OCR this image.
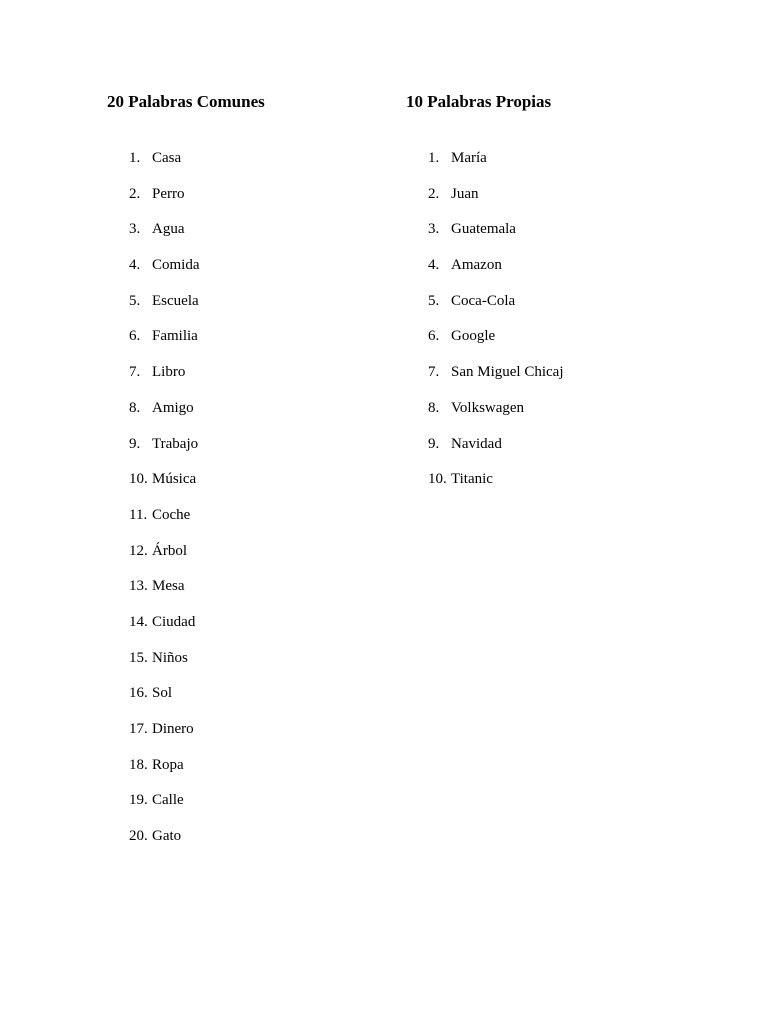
20 Palabras Comunes
1. Casa
2. Perro
3. Agua
4. Comida
5. Escuela
6. Familia
7. Libro
8. Amigo
9. Trabajo
10. Música
11. Coche
12. Árbol
13. Mesa
14. Ciudad
15. Niños
16. Sol
17. Dinero
18. Ropa
19. Calle
20. Gato
10 Palabras Propias
1. María
2. Juan
3. Guatemala
4. Amazon
5. Coca-Cola
6. Google
7. San Miguel Chicaj
8. Volkswagen
9. Navidad
10. Titanic
